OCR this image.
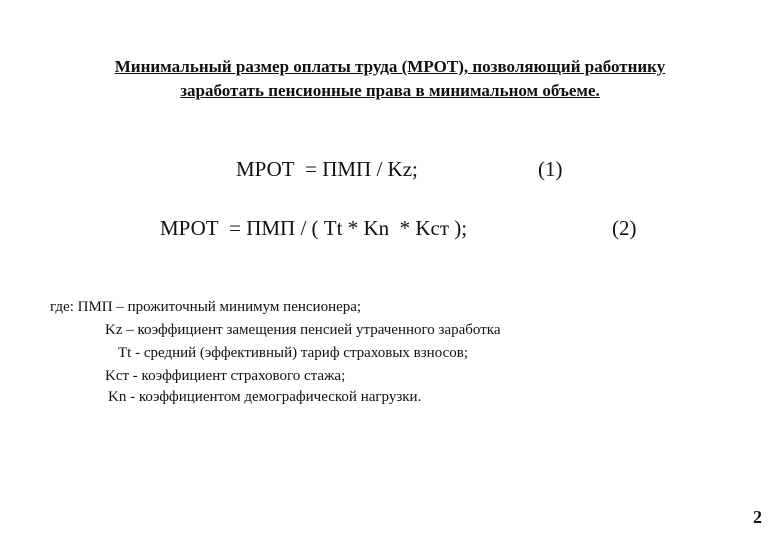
Минимальный размер оплаты труда (МРОТ), позволяющий работнику
заработать пенсионные права в минимальном объеме.
МРОТ  = ПМП / Kz;	(1)
МРОТ  = ПМП / ( Tt * Kn  * Kст );	(2)
где: ПМП – прожиточный минимум пенсионера;
Kz – коэффициент замещения пенсией утраченного заработка
Tt - средний (эффективный) тариф страховых взносов;
Kст - коэффициент страхового стажа;
Kn - коэффициентом демографической нагрузки.
2
